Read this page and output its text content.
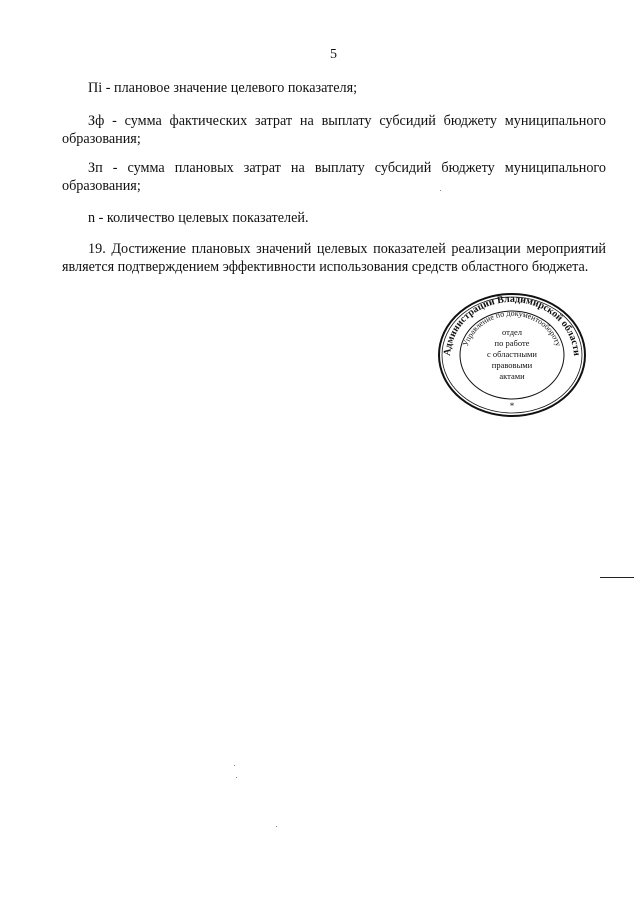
5
Пi - плановое значение целевого показателя;
Зф - сумма фактических затрат на выплату субсидий бюджету муниципального образования;
Зп - сумма плановых затрат на выплату субсидий бюджету муниципального образования;
n - количество целевых показателей.
19. Достижение плановых значений целевых показателей реализации мероприятий является подтверждением эффективности использования средств областного бюджета.
Администрации Владимирской области
Управление по документообороту
отдел
по работе
с областными
правовыми
актами
*
